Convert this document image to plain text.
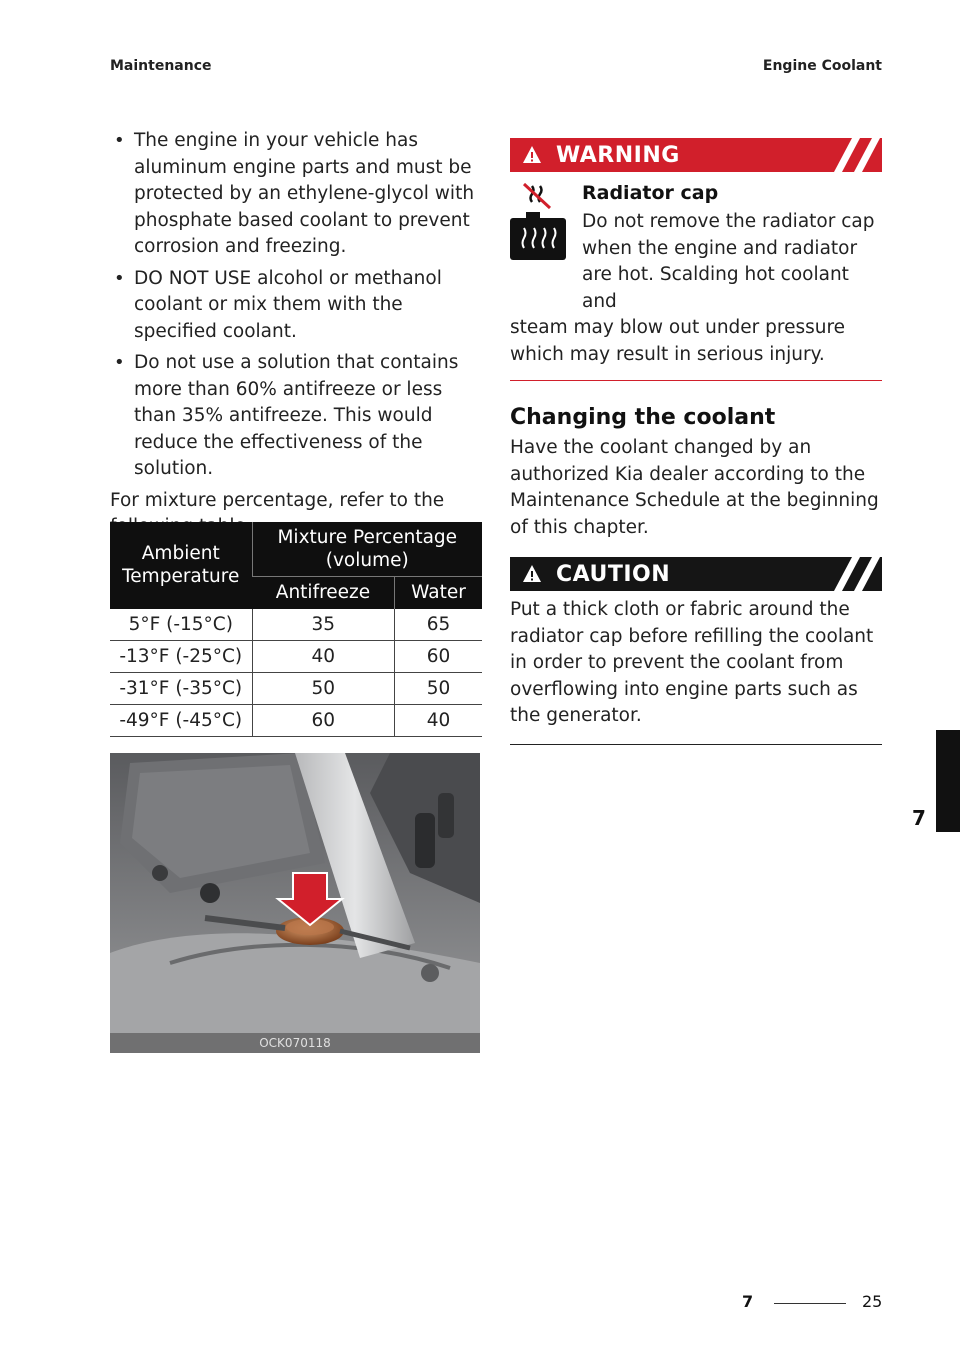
Maintenance	Engine Coolant
• The engine in your vehicle has aluminum engine parts and must be protected by an ethylene-glycol with phosphate based coolant to prevent corrosion and freezing.
• DO NOT USE alcohol or methanol coolant or mix them with the specified coolant.
• Do not use a solution that contains more than 60% antifreeze or less than 35% antifreeze. This would reduce the effectiveness of the solution.

For mixture percentage, refer to the

Ambient Temperature	Mixture Percentage (volume)	
	Antifreeze	Water
5°F (-15°C)	35	65
-13°F (-25°C)	40	60
-31°F (-35°C)	50	50
-49°F (-45°C)	60	40
OCK070118
WARNING
Radiator cap
Do not remove the radiator cap when the engine and radiator are hot. Scalding hot coolant and
steam may blow out under pressure which may result in serious injury.
Changing the coolant

Have the coolant changed by an authorized Kia dealer according to the Maintenance Schedule at the beginning of this chapter.

CAUTION

Put a thick cloth or fabric around the radiator cap before refilling the coolant in order to prevent the coolant from overflowing into engine parts such as the generator.

7
7	25
